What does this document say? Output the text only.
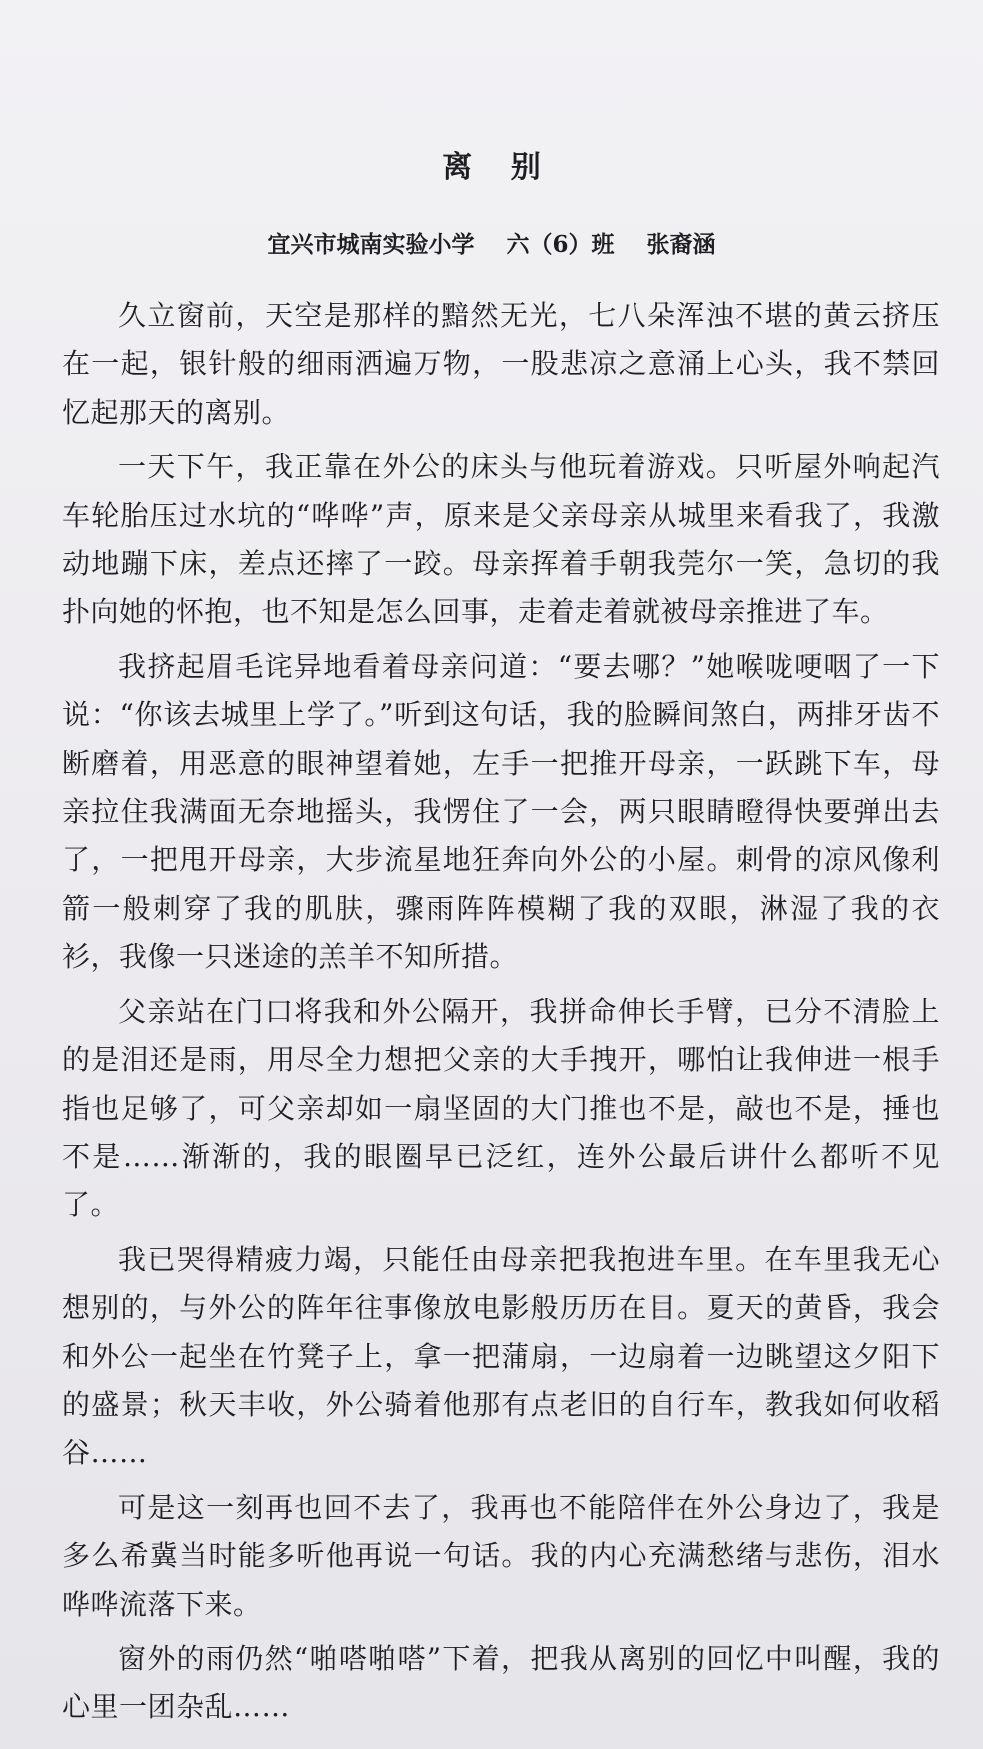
离 别
宜兴市城南实验小学    六（6）班    张裔涵

久立窗前，天空是那样的黯然无光，七八朵浑浊不堪的黄云挤压在一起，银针般的细雨洒遍万物，一股悲凉之意涌上心头，我不禁回忆起那天的离别。

一天下午，我正靠在外公的床头与他玩着游戏。只听屋外响起汽车轮胎压过水坑的“哗哗”声，原来是父亲母亲从城里来看我了，我激动地蹦下床，差点还摔了一跤。母亲挥着手朝我莞尔一笑，急切的我扑向她的怀抱，也不知是怎么回事，走着走着就被母亲推进了车。

我挤起眉毛诧异地看着母亲问道：“要去哪？”她喉咙哽咽了一下说：“你该去城里上学了。”听到这句话，我的脸瞬间煞白，两排牙齿不断磨着，用恶意的眼神望着她，左手一把推开母亲，一跃跳下车，母亲拉住我满面无奈地摇头，我愣住了一会，两只眼睛瞪得快要弹出去了，一把甩开母亲，大步流星地狂奔向外公的小屋。刺骨的凉风像利箭一般刺穿了我的肌肤，骤雨阵阵模糊了我的双眼，淋湿了我的衣衫，我像一只迷途的羔羊不知所措。

父亲站在门口将我和外公隔开，我拼命伸长手臂，已分不清脸上的是泪还是雨，用尽全力想把父亲的大手拽开，哪怕让我伸进一根手指也足够了，可父亲却如一扇坚固的大门推也不是，敲也不是，捶也不是……渐渐的，我的眼圈早已泛红，连外公最后讲什么都听不见了。

我已哭得精疲力竭，只能任由母亲把我抱进车里。在车里我无心想别的，与外公的阵年往事像放电影般历历在目。夏天的黄昏，我会和外公一起坐在竹凳子上，拿一把蒲扇，一边扇着一边眺望这夕阳下的盛景；秋天丰收，外公骑着他那有点老旧的自行车，教我如何收稻谷……

可是这一刻再也回不去了，我再也不能陪伴在外公身边了，我是多么希冀当时能多听他再说一句话。我的内心充满愁绪与悲伤，泪水哗哗流落下来。

窗外的雨仍然“啪嗒啪嗒”下着，把我从离别的回忆中叫醒，我的心里一团杂乱……
